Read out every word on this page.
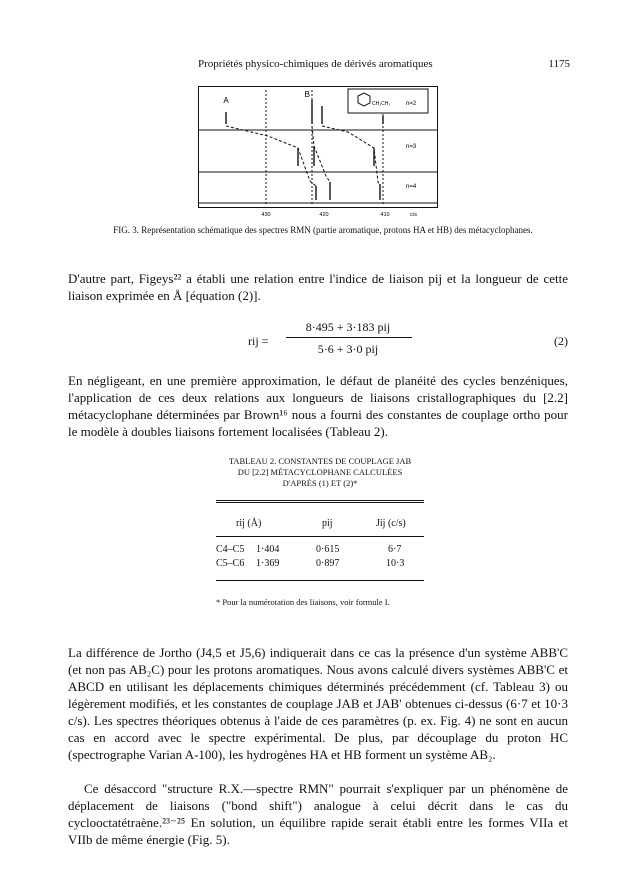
Propriétés physico-chimiques de dérivés aromatiques	1175
A
B
CH₂CH₂	n=2
n=3
n=4
430	420	410	c/s
FIG. 3. Représentation schématique des spectres RMN (partie aromatique, protons HA et HB) des métacyclophanes.
D'autre part, Figeys²² a établi une relation entre l'indice de liaison pij et la longueur de cette liaison exprimée en Å [équation (2)].
rij =
8·495 + 3·183 pij
5·6 + 3·0 pij
(2)
En négligeant, en une première approximation, le défaut de planéité des cycles benzéniques, l'application de ces deux relations aux longueurs de liaisons cristallographiques du [2.2] métacyclophane déterminées par Brown¹⁶ nous a fourni des constantes de couplage ortho pour le modèle à doubles liaisons fortement localisées (Tableau 2).
TABLEAU 2. CONSTANTES DE COUPLAGE JAB
DU [2.2] MÉTACYCLOPHANE CALCULÉES
D'APRÈS (1) ET (2)*
rij (Å)	pij	Jij (c/s)
C4–C5 1·404	0·615	6·7
C5–C6 1·369	0·897	10·3
* Pour la numérotation des liaisons, voir formule I.
La différence de Jortho (J4,5 et J5,6) indiquerait dans ce cas la présence d'un système ABB'C (et non pas AB₂C) pour les protons aromatiques. Nous avons calculé divers systèmes ABB'C et ABCD en utilisant les déplacements chimiques déterminés précédemment (cf. Tableau 3) ou légèrement modifiés, et les constantes de couplage JAB et JAB' obtenues ci-dessus (6·7 et 10·3 c/s). Les spectres théoriques obtenus à l'aide de ces paramètres (p. ex. Fig. 4) ne sont en aucun cas en accord avec le spectre expérimental. De plus, par découplage du proton HC (spectrographe Varian A-100), les hydrogènes HA et HB forment un système AB₂.
Ce désaccord "structure R.X.—spectre RMN" pourrait s'expliquer par un phénomène de déplacement de liaisons ("bond shift") analogue à celui décrit dans le cas du cyclooctatétraène.²³⁻²⁵ En solution, un équilibre rapide serait établi entre les formes VIIa et VIIb de même énergie (Fig. 5).
